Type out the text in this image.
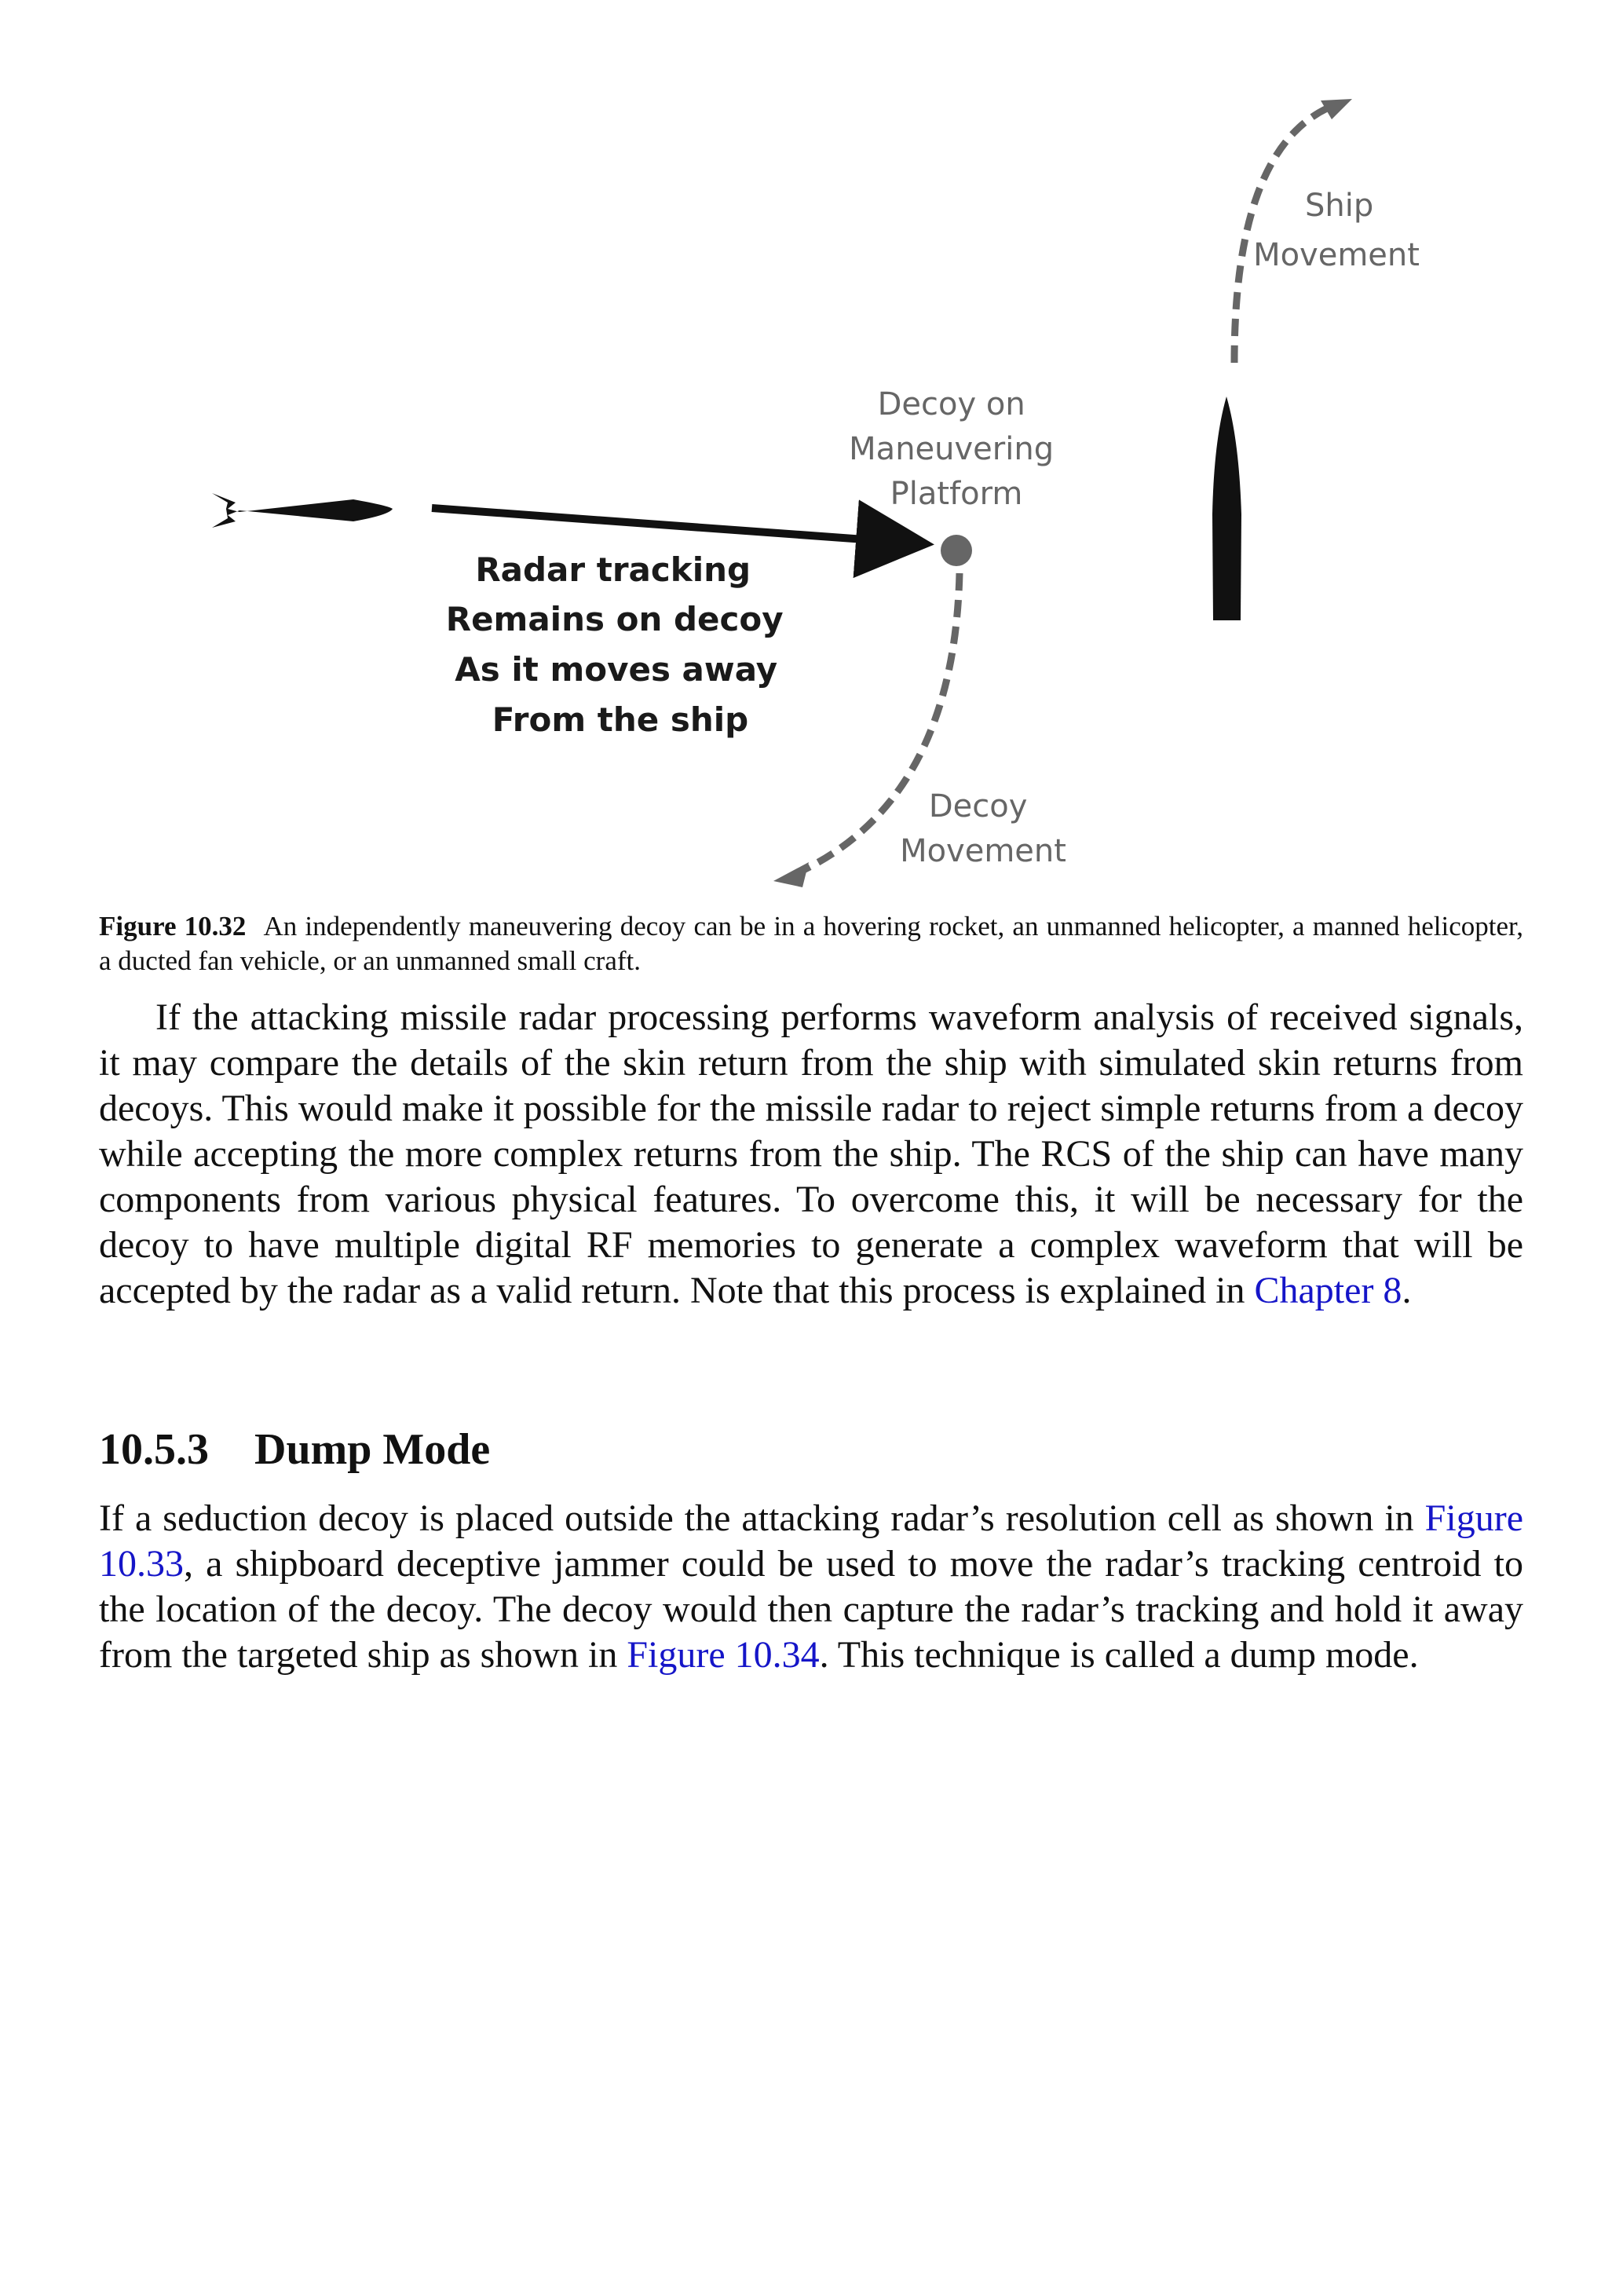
Ship Movement
Decoy on Maneuvering Platform
Radar tracking Remains on decoy As it moves away From the ship
Decoy Movement
Figure 10.32 An independently maneuvering decoy can be in a hovering rocket, an unmanned helicopter, a manned helicopter, a ducted fan vehicle, or an unmanned small craft.

If the attacking missile radar processing performs waveform analysis of received signals, it may compare the details of the skin return from the ship with simulated skin returns from decoys. This would make it possible for the missile radar to reject simple returns from a decoy while accepting the more complex returns from the ship. The RCS of the ship can have many components from various physical features. To overcome this, it will be necessary for the decoy to have multiple digital RF memories to generate a complex waveform that will be accepted by the radar as a valid return. Note that this process is explained in Chapter 8.

10.5.3 Dump Mode

If a seduction decoy is placed outside the attacking radar’s resolution cell as shown in Figure 10.33, a shipboard deceptive jammer could be used to move the radar’s tracking centroid to the location of the decoy. The decoy would then capture the radar’s tracking and hold it away from the targeted ship as shown in Figure 10.34. This technique is called a dump mode.
